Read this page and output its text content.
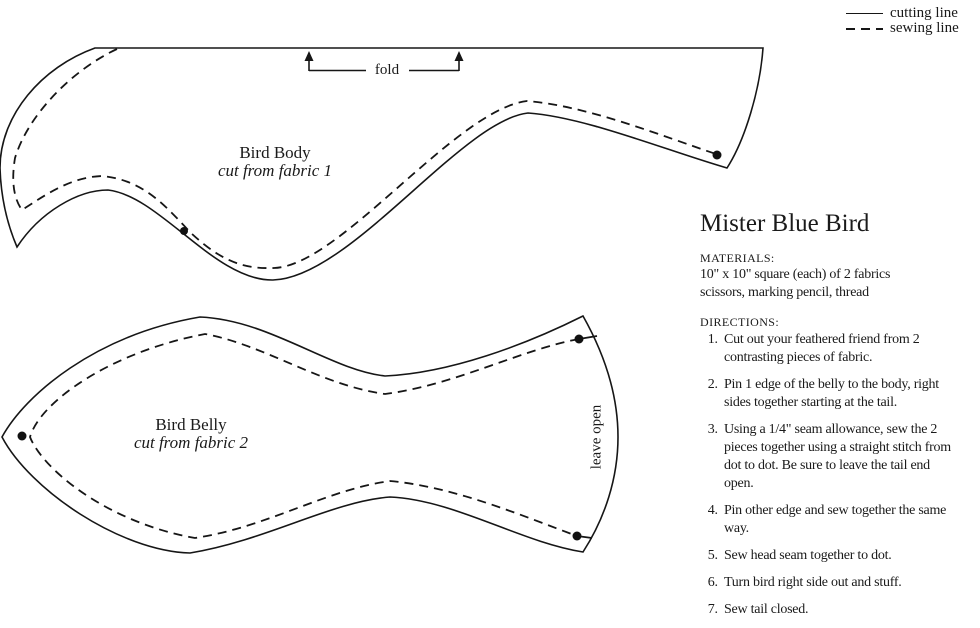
cutting line
sewing line
fold
Bird Body
cut from fabric 1
Bird Belly
cut from fabric 2	leave open
Mister Blue Bird
MATERIALS:
10" x 10" square (each) of 2 fabrics
scissors, marking pencil, thread
DIRECTIONS:
1. Cut out your feathered friend from 2 contrasting pieces of fabric.
2. Pin 1 edge of the belly to the body, right sides together starting at the tail.
3. Using a 1/4" seam allowance, sew the 2 pieces together using a straight stitch from dot to dot. Be sure to leave the tail end open.
4. Pin other edge and sew together the same way.
5. Sew head seam together to dot.
6. Turn bird right side out and stuff.
7. Sew tail closed.
